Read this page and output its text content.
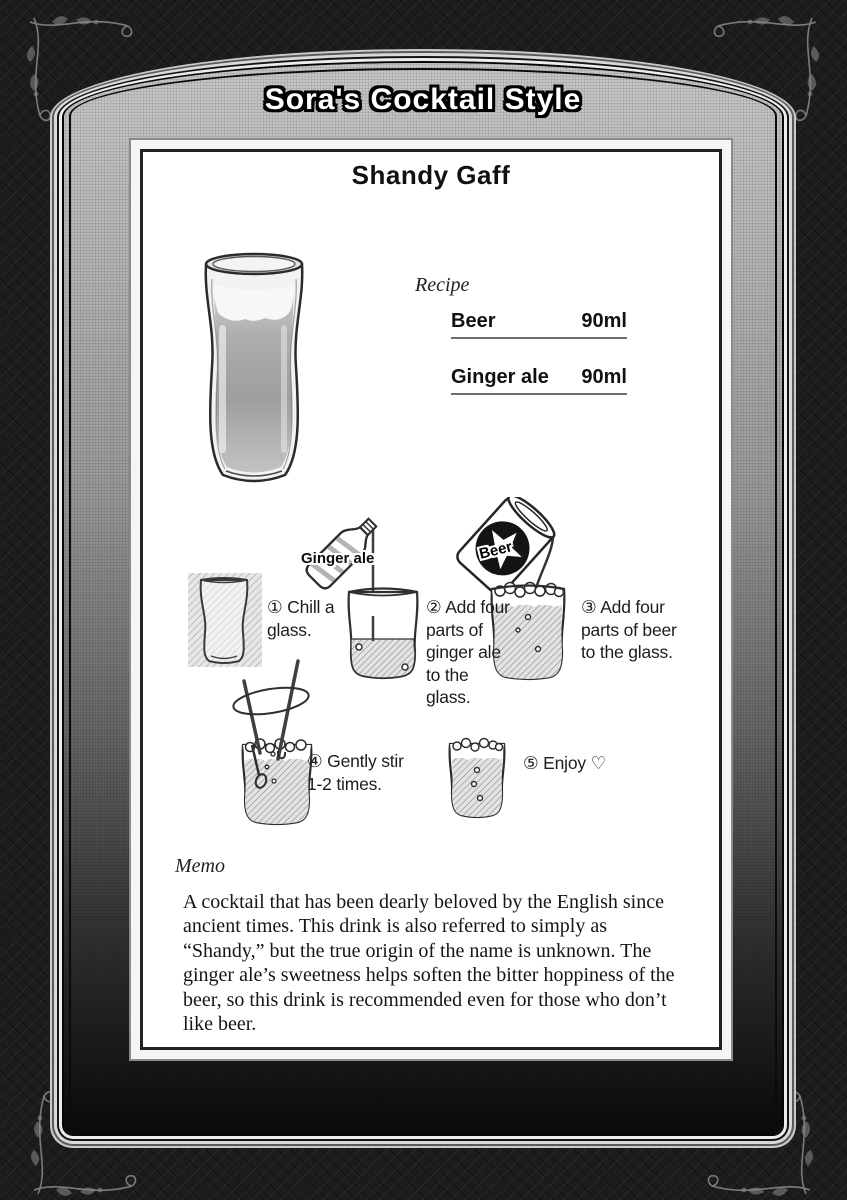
Sora's Cocktail Style
Shandy Gaff
Recipe
Beer	90ml
Ginger ale 90ml
Ginger ale	Beer
① Chill a glass.
② Add four parts of ginger ale to the glass.
③ Add four parts of beer to the glass.
④ Gently stir 1-2 times.
⑤ Enjoy ♡
Memo
A cocktail that has been dearly beloved by the English since ancient times. This drink is also referred to simply as “Shandy,” but the true origin of the name is unknown. The ginger ale’s sweetness helps soften the bitter hoppiness of the beer, so this drink is recommended even for those who don’t like beer.
